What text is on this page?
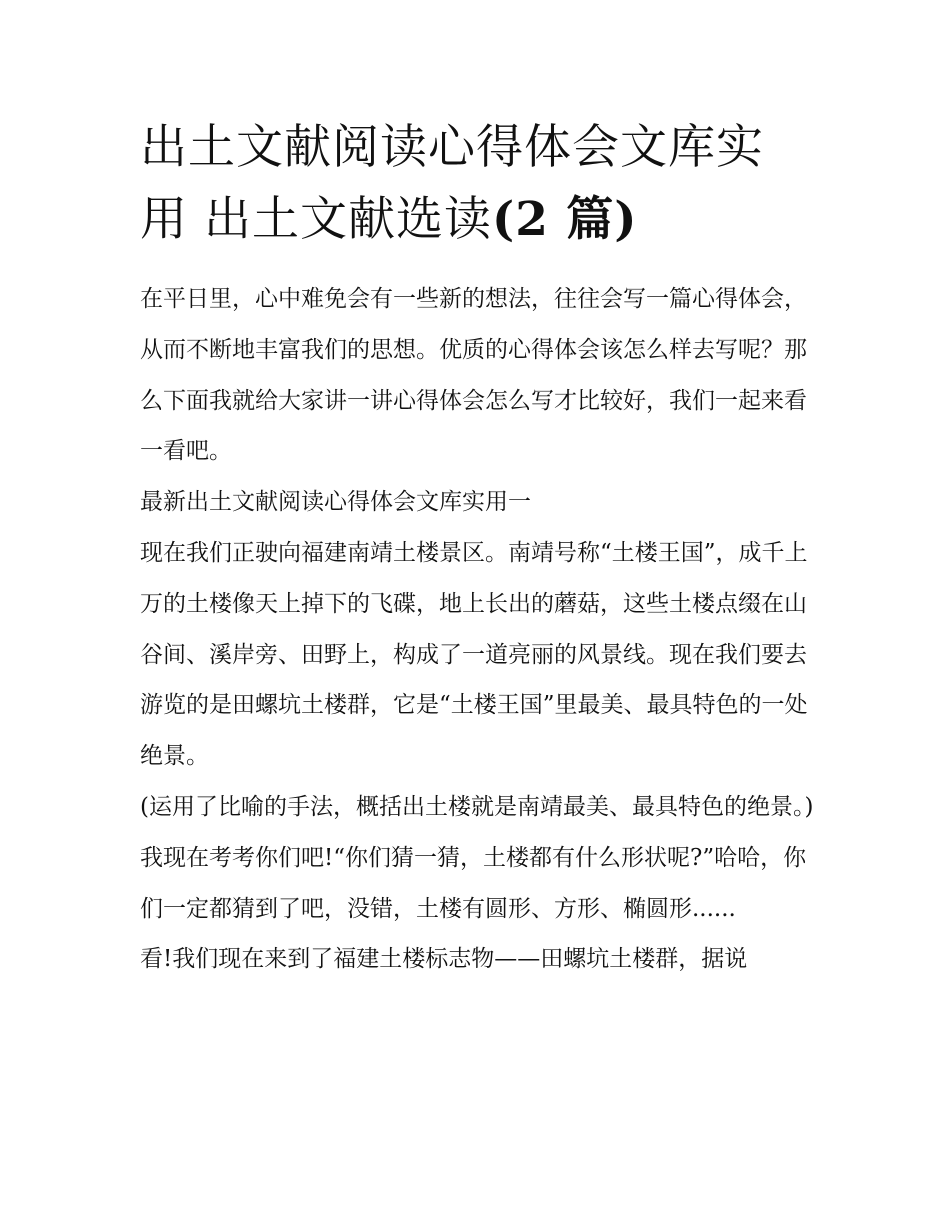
出土文献阅读心得体会文库实
用 出土文献选读(2 篇)

在平日里，心中难免会有一些新的想法，往往会写一篇心得体会，从而不断地丰富我们的思想。优质的心得体会该怎么样去写呢？那么下面我就给大家讲一讲心得体会怎么写才比较好，我们一起来看一看吧。

最新出土文献阅读心得体会文库实用一

现在我们正驶向福建南靖土楼景区。南靖号称“土楼王国”，成千上万的土楼像天上掉下的飞碟，地上长出的蘑菇，这些土楼点缀在山谷间、溪岸旁、田野上，构成了一道亮丽的风景线。现在我们要去游览的是田螺坑土楼群，它是“土楼王国”里最美、最具特色的一处绝景。

(运用了比喻的手法，概括出土楼就是南靖最美、最具特色的绝景。)

我现在考考你们吧!“你们猜一猜，土楼都有什么形状呢?”哈哈，你们一定都猜到了吧，没错，土楼有圆形、方形、椭圆形......

看!我们现在来到了福建土楼标志物——田螺坑土楼群，据说
